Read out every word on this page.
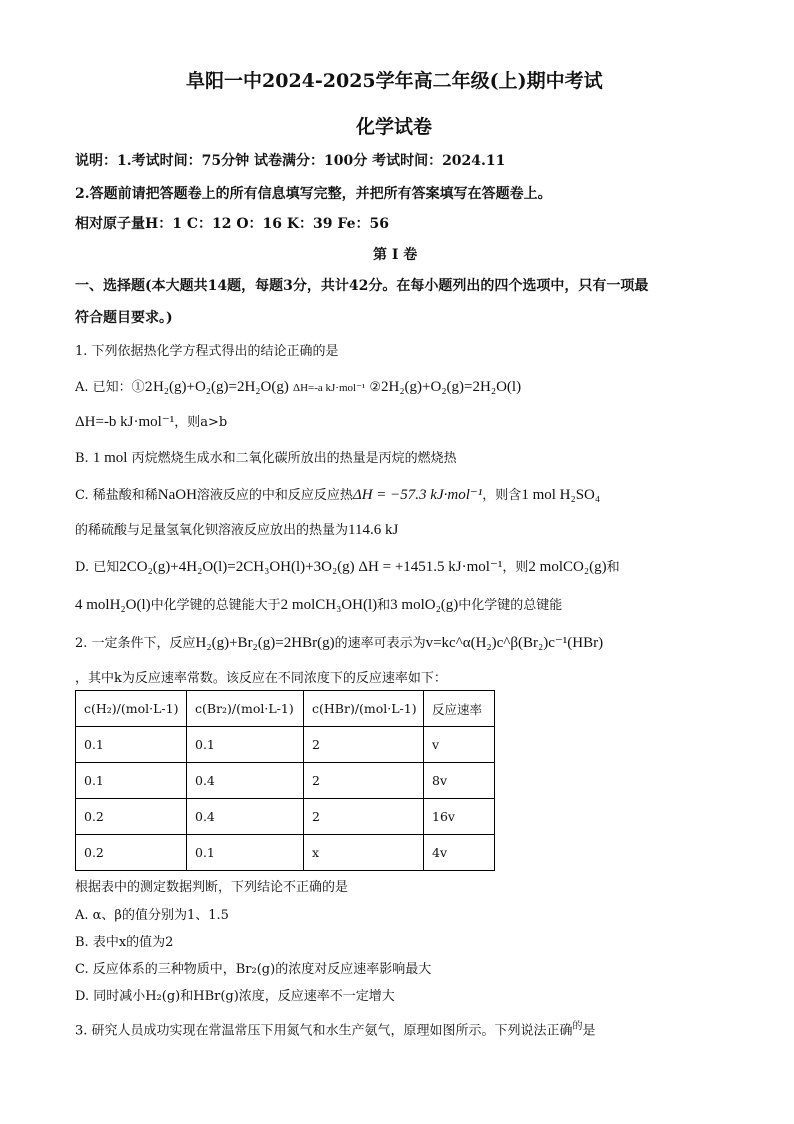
阜阳一中2024-2025学年高二年级(上)期中考试
化学试卷
说明：1.考试时间：75分钟 试卷满分：100分 考试时间：2024.11
2.答题前请把答题卷上的所有信息填写完整，并把所有答案填写在答题卷上。
相对原子量H：1 C：12 O：16 K：39 Fe：56
第 I 卷
一、选择题(本大题共14题，每题3分，共计42分。在每小题列出的四个选项中，只有一项最
符合题目要求。)
1. 下列依据热化学方程式得出的结论正确的是
A. 已知：①2H₂(g)+O₂(g)=2H₂O(g) ΔH=-a kJ·mol⁻¹ ②2H₂(g)+O₂(g)=2H₂O(l)
ΔH=-b kJ·mol⁻¹，则a>b
B. 1 mol 丙烷燃烧生成水和二氧化碳所放出的热量是丙烷的燃烧热
C. 稀盐酸和稀NaOH溶液反应的中和反应反应热ΔH = −57.3 kJ·mol⁻¹，则含1 mol H₂SO₄
的稀硫酸与足量氢氧化钡溶液反应放出的热量为114.6 kJ
D. 已知2CO₂(g)+4H₂O(l)=2CH₃OH(l)+3O₂(g) ΔH = +1451.5 kJ·mol⁻¹，则2 molCO₂(g)和
4 molH₂O(l)中化学键的总键能大于2 molCH₃OH(l)和3 molO₂(g)中化学键的总键能
2. 一定条件下，反应H₂(g)+Br₂(g)=2HBr(g)的速率可表示为v=kc^α(H₂)c^β(Br₂)c⁻¹(HBr)
，其中k为反应速率常数。该反应在不同浓度下的反应速率如下：
c(H₂)/(mol·L-1)	c(Br₂)/(mol·L-1)	c(HBr)/(mol·L-1)	反应速率
0.1	0.1	2	v
0.1	0.4	2	8v
0.2	0.4	2	16v
0.2	0.1	x	4v
根据表中的测定数据判断，下列结论不正确的是
A. α、β的值分别为1、1.5
B. 表中x的值为2
C. 反应体系的三种物质中，Br₂(g)的浓度对反应速率影响最大
D. 同时减小H₂(g)和HBr(g)浓度，反应速率不一定增大
3. 研究人员成功实现在常温常压下用氮气和水生产氨气，原理如图所示。下列说法正确$^的$是
